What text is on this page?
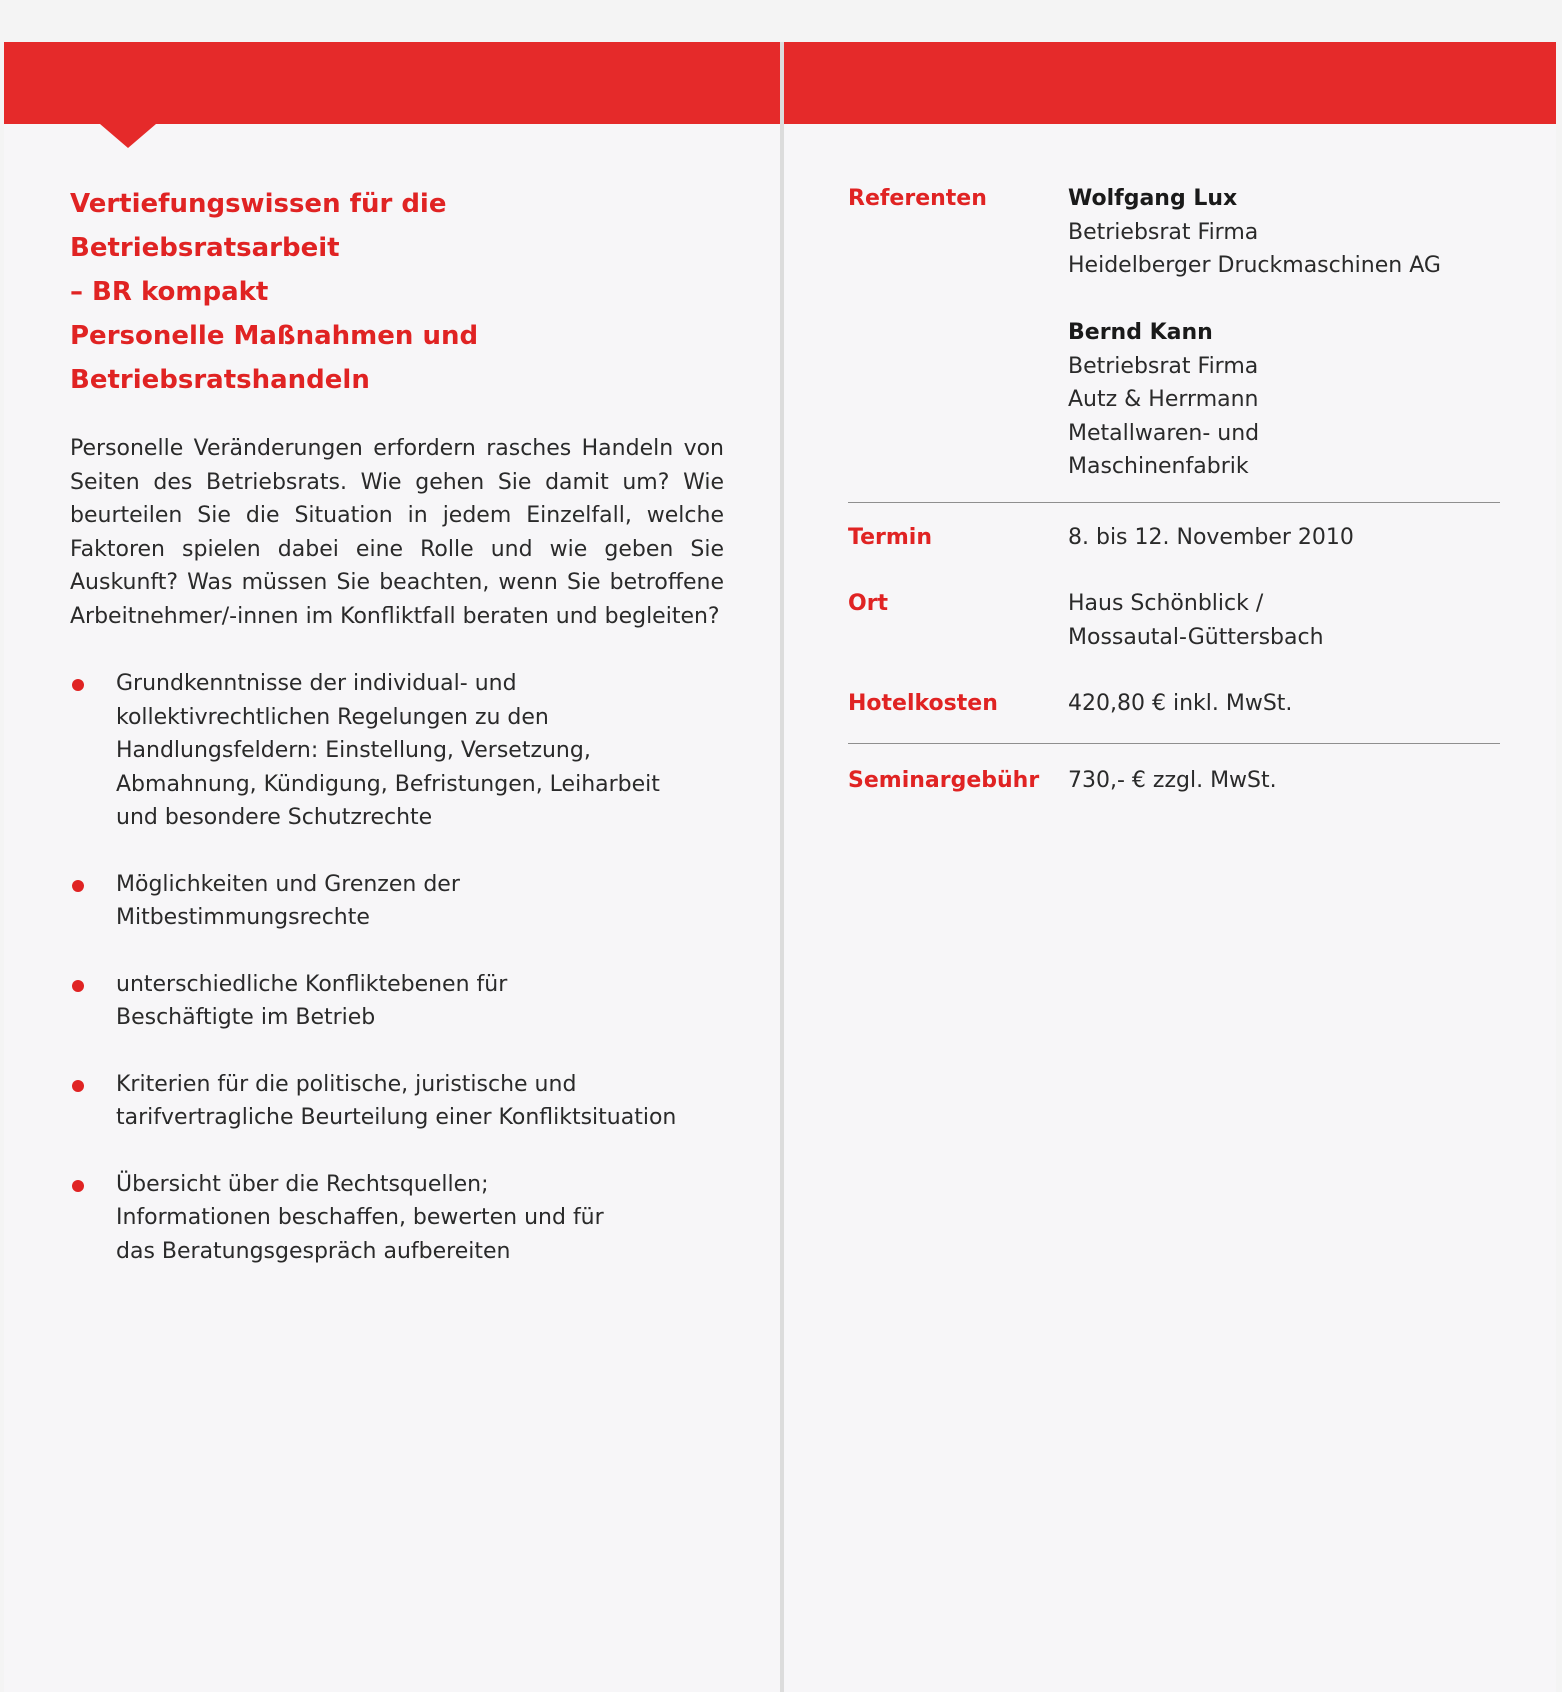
Vertiefungswissen für die Betriebsratsarbeit
– BR kompakt
Personelle Maßnahmen und
Betriebsratshandeln

Personelle Veränderungen erfordern rasches Handeln von Seiten des Betriebsrats. Wie gehen Sie damit um? Wie beurteilen Sie die Situation in jedem Einzelfall, welche Faktoren spielen dabei eine Rolle und wie geben Sie Auskunft? Was müssen Sie beachten, wenn Sie betroffene Arbeitnehmer/-innen im Konfliktfall beraten und begleiten?

Grundkenntnisse der individual- und kollektivrechtlichen Regelungen zu den Handlungsfeldern: Einstellung, Versetzung, Abmahnung, Kündigung, Befristungen, Leiharbeit und besondere Schutzrechte
Möglichkeiten und Grenzen der Mitbestimmungsrechte
unterschiedliche Konfliktebenen für Beschäftigte im Betrieb
Kriterien für die politische, juristische und tarifvertragliche Beurteilung einer Konfliktsituation
Übersicht über die Rechtsquellen; Informationen beschaffen, bewerten und für das Beratungsgespräch aufbereiten
Referenten	Wolfgang Lux
Betriebsrat Firma
Heidelberger Druckmaschinen AG
Bernd Kann
Betriebsrat Firma
Autz & Herrmann
Metallwaren- und
Maschinenfabrik
Termin	8. bis 12. November 2010
Ort	Haus Schönblick /
Mossautal-Güttersbach
Hotelkosten	420,80 € inkl. MwSt.
Seminargebühr	730,- € zzgl. MwSt.
